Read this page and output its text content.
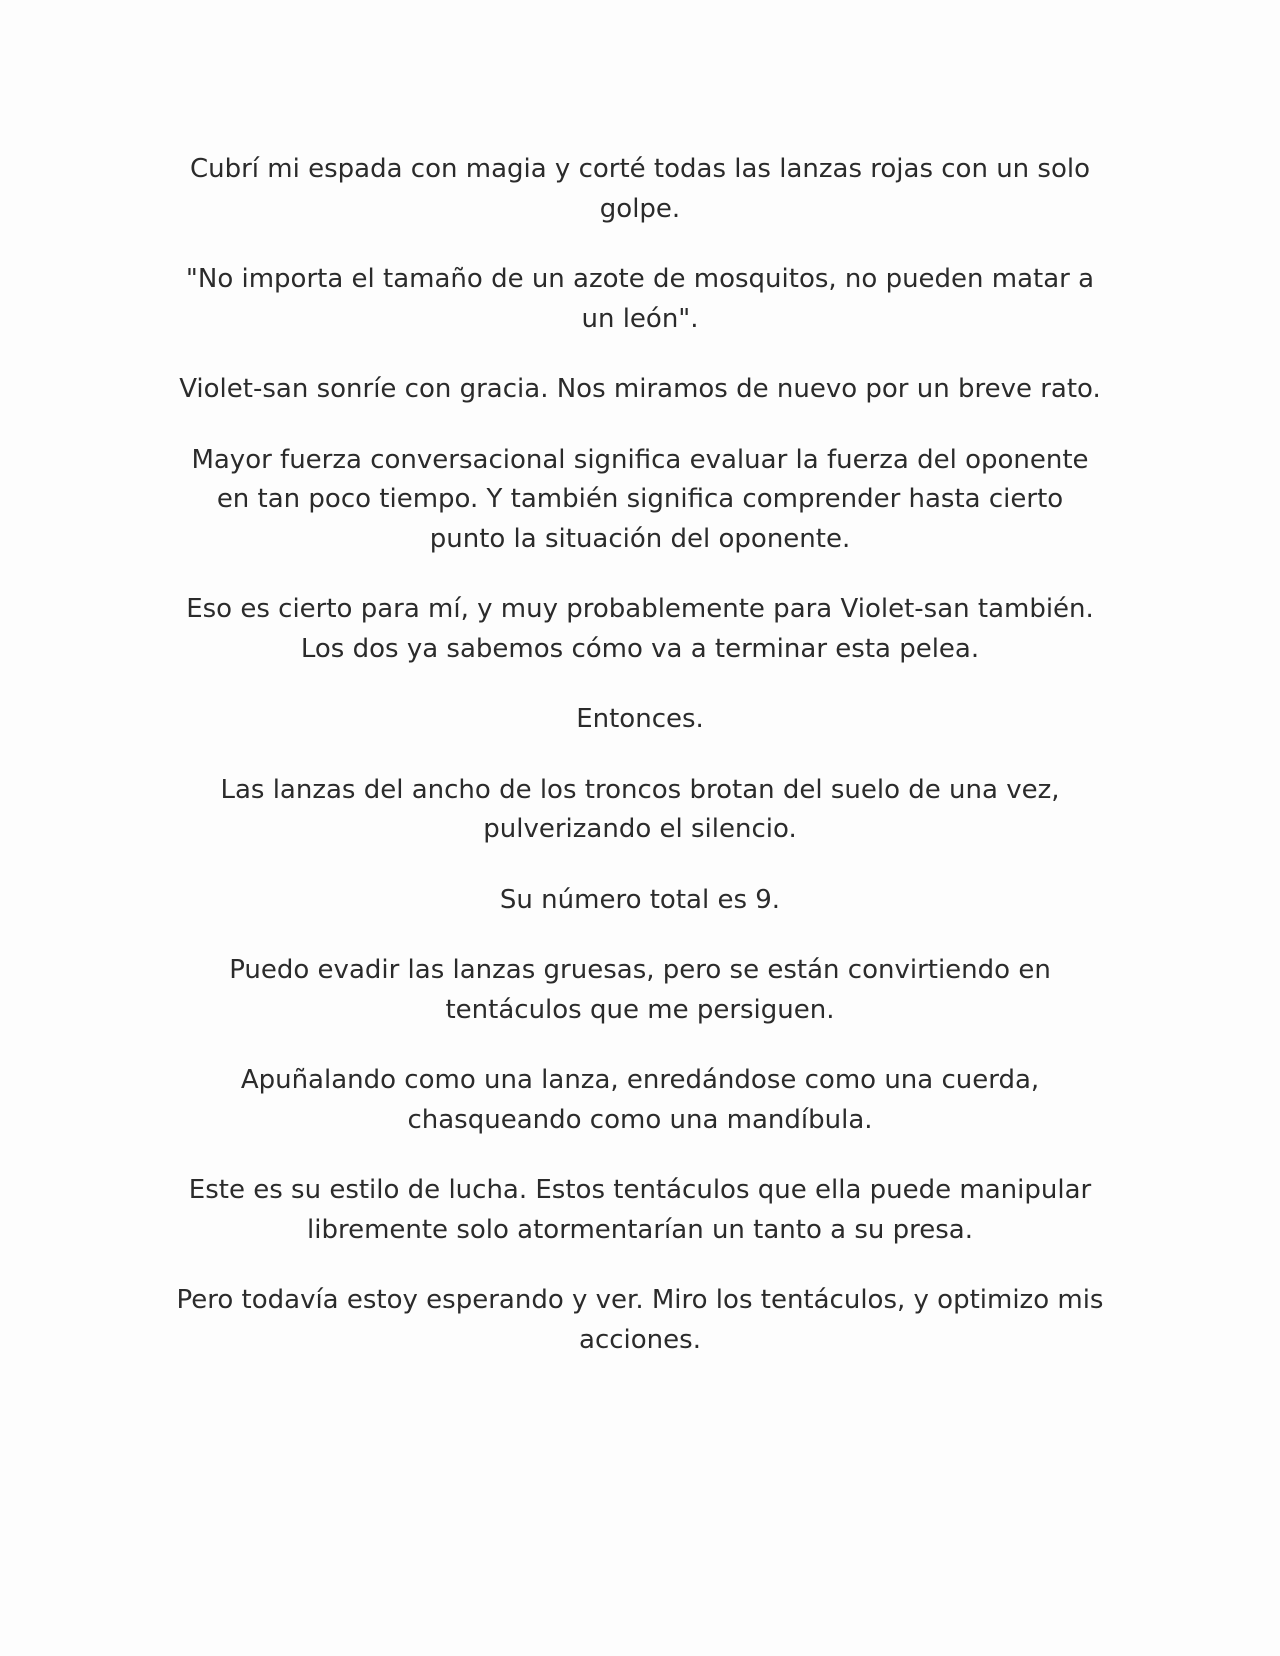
Cubrí mi espada con magia y corté todas las lanzas rojas con un solo golpe.

"No importa el tamaño de un azote de mosquitos, no pueden matar a un león".

Violet-san sonríe con gracia. Nos miramos de nuevo por un breve rato.

Mayor fuerza conversacional significa evaluar la fuerza del oponente en tan poco tiempo. Y también significa comprender hasta cierto punto la situación del oponente.

Eso es cierto para mí, y muy probablemente para Violet-san también. Los dos ya sabemos cómo va a terminar esta pelea.

Entonces.

Las lanzas del ancho de los troncos brotan del suelo de una vez, pulverizando el silencio.

Su número total es 9.

Puedo evadir las lanzas gruesas, pero se están convirtiendo en tentáculos que me persiguen.

Apuñalando como una lanza, enredándose como una cuerda, chasqueando como una mandíbula.

Este es su estilo de lucha. Estos tentáculos que ella puede manipular libremente solo atormentarían un tanto a su presa.

Pero todavía estoy esperando y ver. Miro los tentáculos, y optimizo mis acciones.
